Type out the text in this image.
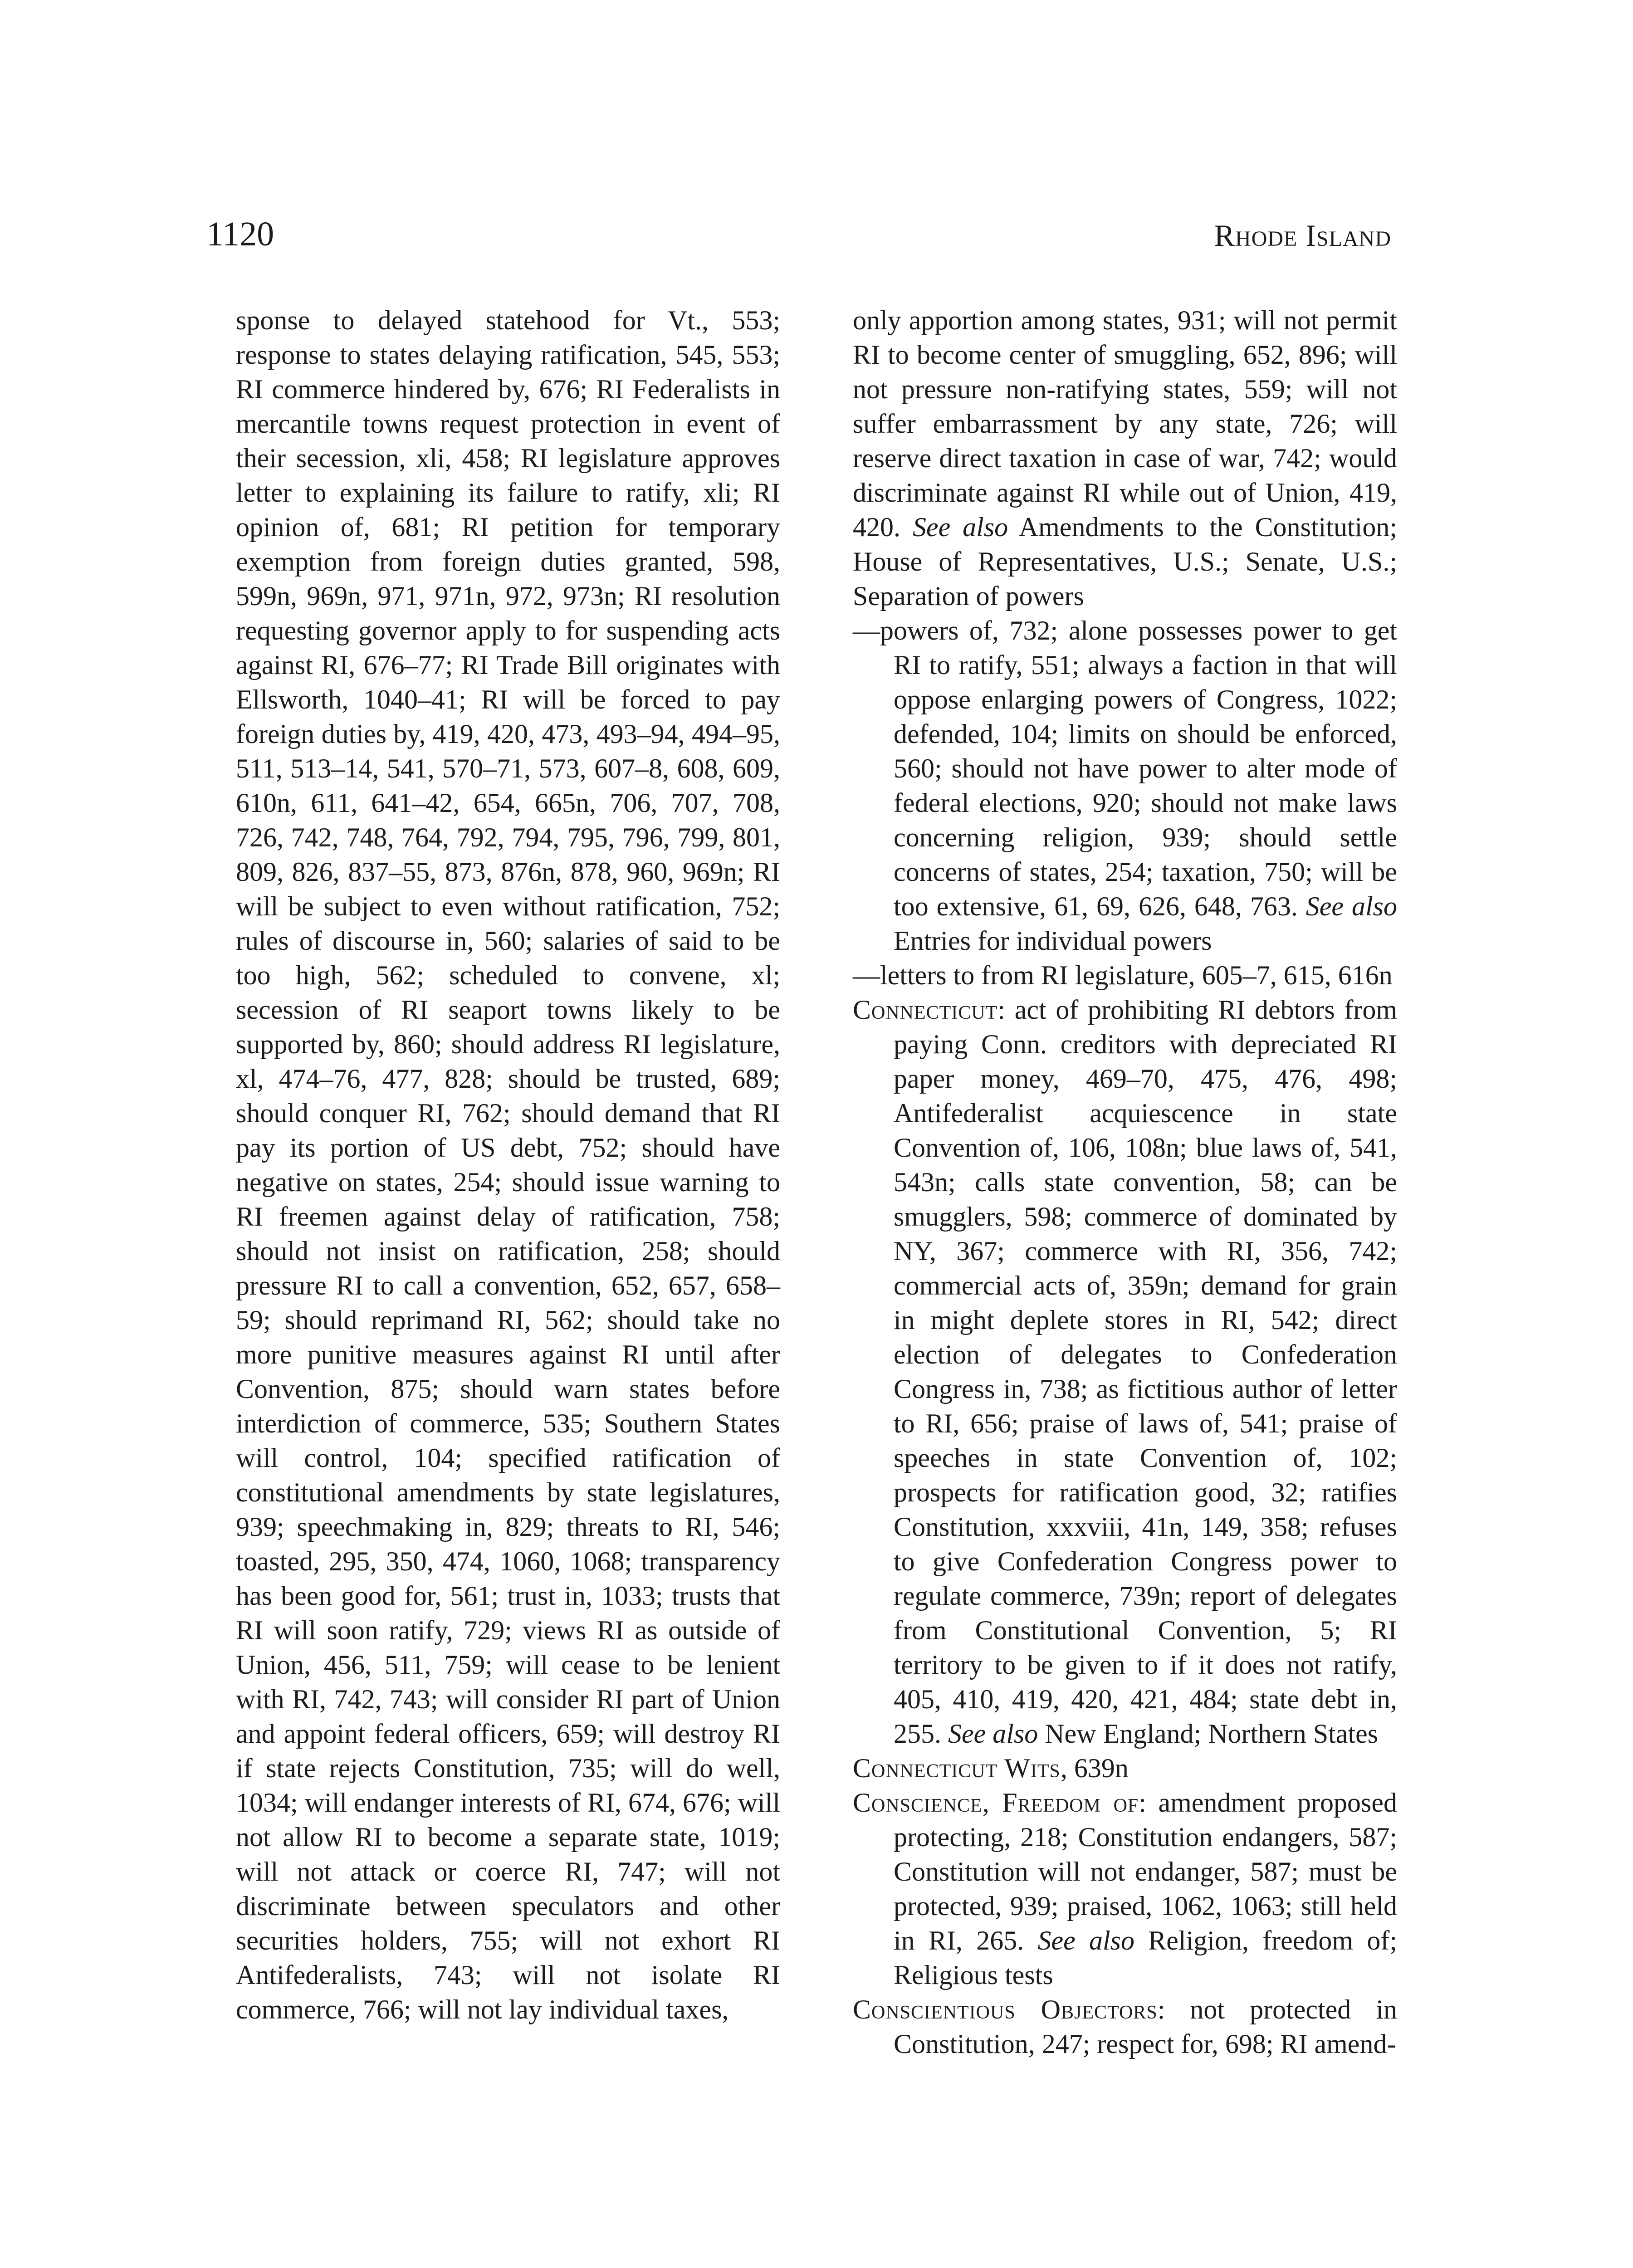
1120	Rhode Island

sponse to delayed statehood for Vt., 553; response to states delaying ratification, 545, 553; RI commerce hindered by, 676; RI Federalists in mercantile towns request protection in event of their secession, xli, 458; RI legislature approves letter to explaining its failure to ratify, xli; RI opinion of, 681; RI petition for temporary exemption from foreign duties granted, 598, 599n, 969n, 971, 971n, 972, 973n; RI resolution requesting governor apply to for suspending acts against RI, 676–77; RI Trade Bill originates with Ellsworth, 1040–41; RI will be forced to pay foreign duties by, 419, 420, 473, 493–94, 494–95, 511, 513–14, 541, 570–71, 573, 607–8, 608, 609, 610n, 611, 641–42, 654, 665n, 706, 707, 708, 726, 742, 748, 764, 792, 794, 795, 796, 799, 801, 809, 826, 837–55, 873, 876n, 878, 960, 969n; RI will be subject to even without ratification, 752; rules of discourse in, 560; salaries of said to be too high, 562; scheduled to convene, xl; secession of RI seaport towns likely to be supported by, 860; should address RI legislature, xl, 474–76, 477, 828; should be trusted, 689; should conquer RI, 762; should demand that RI pay its portion of US debt, 752; should have negative on states, 254; should issue warning to RI freemen against delay of ratification, 758; should not insist on ratification, 258; should pressure RI to call a convention, 652, 657, 658–59; should reprimand RI, 562; should take no more punitive measures against RI until after Convention, 875; should warn states before interdiction of commerce, 535; Southern States will control, 104; specified ratification of constitutional amendments by state legislatures, 939; speechmaking in, 829; threats to RI, 546; toasted, 295, 350, 474, 1060, 1068; transparency has been good for, 561; trust in, 1033; trusts that RI will soon ratify, 729; views RI as outside of Union, 456, 511, 759; will cease to be lenient with RI, 742, 743; will consider RI part of Union and appoint federal officers, 659; will destroy RI if state rejects Constitution, 735; will do well, 1034; will endanger interests of RI, 674, 676; will not allow RI to become a separate state, 1019; will not attack or coerce RI, 747; will not discriminate between speculators and other securities holders, 755; will not exhort RI Antifederalists, 743; will not isolate RI commerce, 766; will not lay individual taxes,

only apportion among states, 931; will not permit RI to become center of smuggling, 652, 896; will not pressure non-ratifying states, 559; will not suffer embarrassment by any state, 726; will reserve direct taxation in case of war, 742; would discriminate against RI while out of Union, 419, 420. See also Amendments to the Constitution; House of Representatives, U.S.; Senate, U.S.; Separation of powers

—powers of, 732; alone possesses power to get RI to ratify, 551; always a faction in that will oppose enlarging powers of Congress, 1022; defended, 104; limits on should be enforced, 560; should not have power to alter mode of federal elections, 920; should not make laws concerning religion, 939; should settle concerns of states, 254; taxation, 750; will be too extensive, 61, 69, 626, 648, 763. See also Entries for individual powers

—letters to from RI legislature, 605–7, 615, 616n

Connecticut: act of prohibiting RI debtors from paying Conn. creditors with depreciated RI paper money, 469–70, 475, 476, 498; Antifederalist acquiescence in state Convention of, 106, 108n; blue laws of, 541, 543n; calls state convention, 58; can be smugglers, 598; commerce of dominated by NY, 367; commerce with RI, 356, 742; commercial acts of, 359n; demand for grain in might deplete stores in RI, 542; direct election of delegates to Confederation Congress in, 738; as fictitious author of letter to RI, 656; praise of laws of, 541; praise of speeches in state Convention of, 102; prospects for ratification good, 32; ratifies Constitution, xxxviii, 41n, 149, 358; refuses to give Confederation Congress power to regulate commerce, 739n; report of delegates from Constitutional Convention, 5; RI territory to be given to if it does not ratify, 405, 410, 419, 420, 421, 484; state debt in, 255. See also New England; Northern States

Connecticut Wits, 639n

Conscience, Freedom of: amendment proposed protecting, 218; Constitution endangers, 587; Constitution will not endanger, 587; must be protected, 939; praised, 1062, 1063; still held in RI, 265. See also Religion, freedom of; Religious tests

Conscientious Objectors: not protected in Constitution, 247; respect for, 698; RI amend-
